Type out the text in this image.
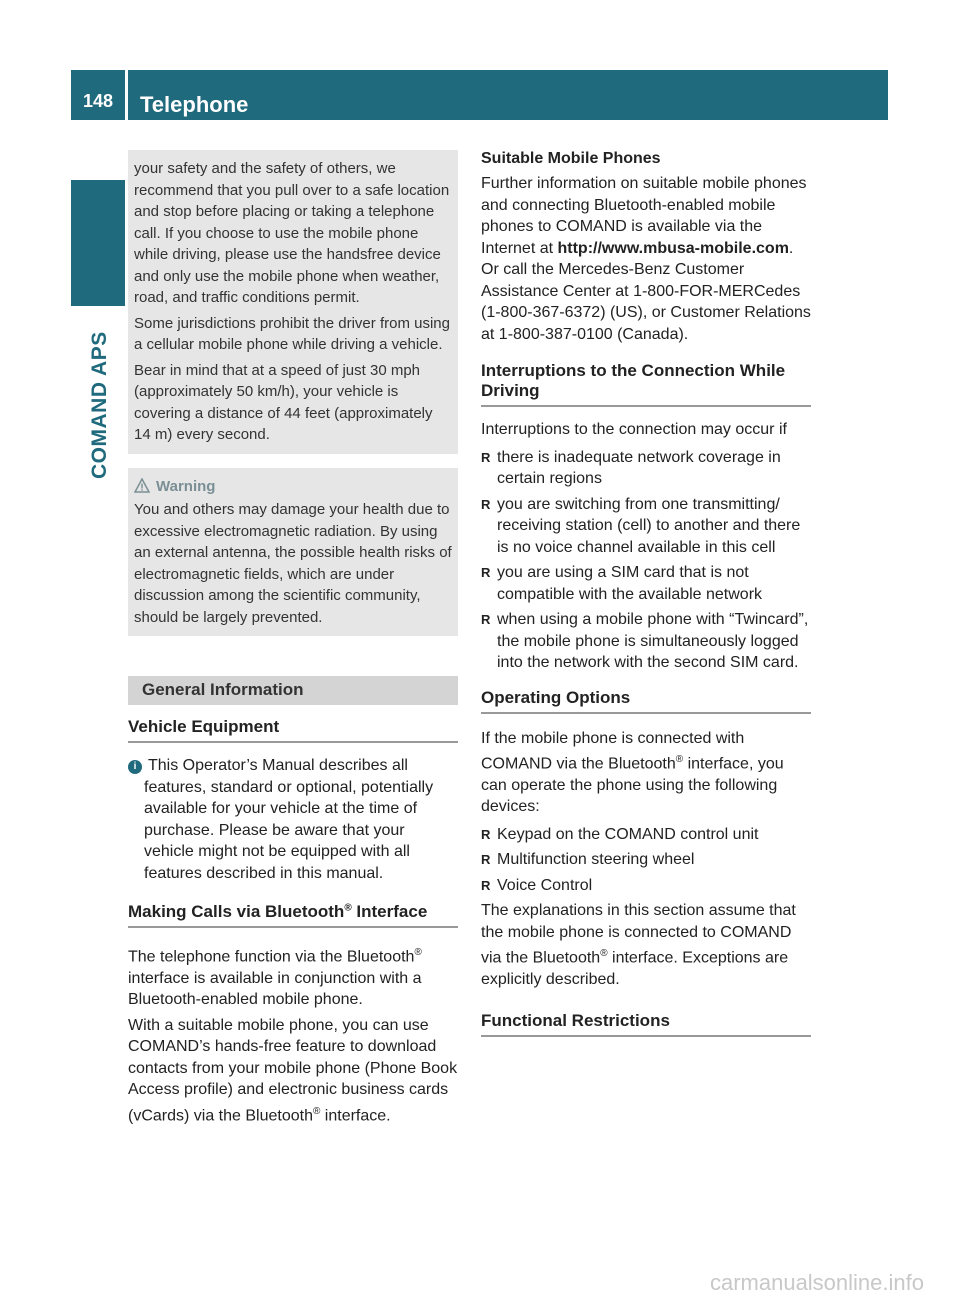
148	Telephone
COMAND APS

your safety and the safety of others, we recommend that you pull over to a safe location and stop before placing or taking a telephone call. If you choose to use the mobile phone while driving, please use the handsfree device and only use the mobile phone when weather, road, and traffic conditions permit.

Some jurisdictions prohibit the driver from using a cellular mobile phone while driving a vehicle.

Bear in mind that at a speed of just 30 mph (approximately 50 km/h), your vehicle is covering a distance of 44 feet (approximately 14 m) every second.

Warning

You and others may damage your health due to excessive electromagnetic radiation. By using an external antenna, the possible health risks of electromagnetic fields, which are under discussion among the scientific community, should be largely prevented.

General Information
Vehicle Equipment
i This Operator’s Manual describes all features, standard or optional, potentially available for your vehicle at the time of purchase. Please be aware that your vehicle might not be equipped with all features described in this manual.
Making Calls via Bluetooth® Interface

The telephone function via the Bluetooth® interface is available in conjunction with a Bluetooth-enabled mobile phone.

With a suitable mobile phone, you can use COMAND’s hands-free feature to download contacts from your mobile phone (Phone Book Access profile) and electronic business cards (vCards) via the Bluetooth® interface.

Suitable Mobile Phones

Further information on suitable mobile phones and connecting Bluetooth-enabled mobile phones to COMAND is available via the Internet at http://www.mbusa-mobile.com. Or call the Mercedes-Benz Customer Assistance Center at 1-800-FOR-MERCedes (1-800-367-6372) (US), or Customer Relations at 1-800-387-0100 (Canada).

Interruptions to the Connection While Driving

Interruptions to the connection may occur if

R there is inadequate network coverage in certain regions
R you are switching from one transmitting/ receiving station (cell) to another and there is no voice channel available in this cell
R you are using a SIM card that is not compatible with the available network
R when using a mobile phone with “Twincard”, the mobile phone is simultaneously logged into the network with the second SIM card.
Operating Options

If the mobile phone is connected with COMAND via the Bluetooth® interface, you can operate the phone using the following devices:

R Keypad on the COMAND control unit
R Multifunction steering wheel
R Voice Control

The explanations in this section assume that the mobile phone is connected to COMAND via the Bluetooth® interface. Exceptions are explicitly described.

Functional Restrictions
carmanualsonline.info
